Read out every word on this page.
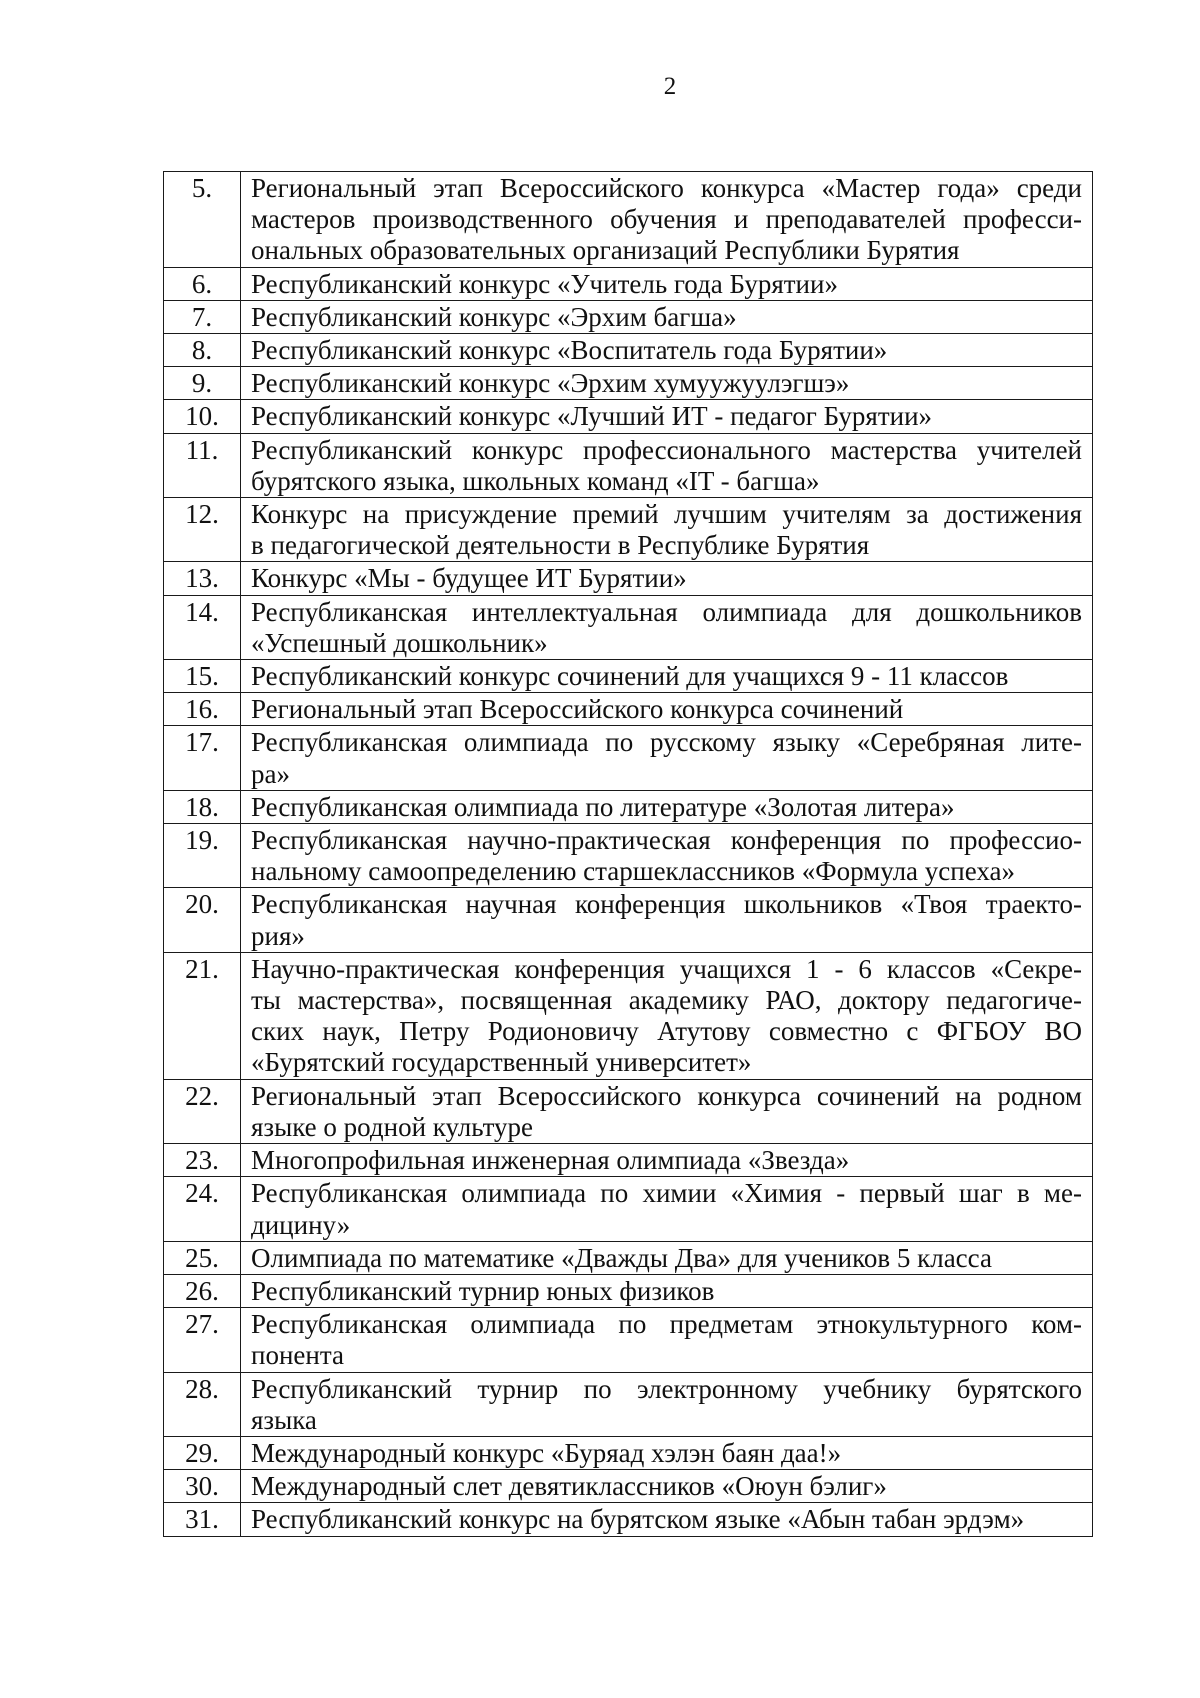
2
5.	Региональный этап Всероссийского конкурса «Мастер года» среди
мастеров производственного обучения и преподавателей професси-
ональных образовательных организаций Республики Бурятия

6.	Республиканский конкурс «Учитель года Бурятии»

7.	Республиканский конкурс «Эрхим багша»

8.	Республиканский конкурс «Воспитатель года Бурятии»

9.	Республиканский конкурс «Эрхим хумуужуулэгшэ»

10.	Республиканский конкурс «Лучший ИТ - педагог Бурятии»

11.	Республиканский конкурс профессионального мастерства учителей
бурятского языка, школьных команд «IT - багша»

12.	Конкурс на присуждение премий лучшим учителям за достижения
в педагогической деятельности в Республике Бурятия

13.	Конкурс «Мы - будущее ИТ Бурятии»

14.	Республиканская интеллектуальная олимпиада для дошкольников
«Успешный дошкольник»

15.	Республиканский конкурс сочинений для учащихся 9 - 11 классов

16.	Региональный этап Всероссийского конкурса сочинений

17.	Республиканская олимпиада по русскому языку «Серебряная лите-
ра»

18.	Республиканская олимпиада по литературе «Золотая литера»

19.	Республиканская научно-практическая конференция по профессио-
нальному самоопределению старшеклассников «Формула успеха»

20.	Республиканская научная конференция школьников «Твоя траекто-
рия»

21.	Научно-практическая конференция учащихся 1 - 6 классов «Секре-
ты мастерства», посвященная академику РАО, доктору педагогиче-
ских наук, Петру Родионовичу Атутову совместно с ФГБОУ ВО
«Бурятский государственный университет»

22.	Региональный этап Всероссийского конкурса сочинений на родном
языке о родной культуре

23.	Многопрофильная инженерная олимпиада «Звезда»

24.	Республиканская олимпиада по химии «Химия - первый шаг в ме-
дицину»

25.	Олимпиада по математике «Дважды Два» для учеников 5 класса

26.	Республиканский турнир юных физиков

27.	Республиканская олимпиада по предметам этнокультурного ком-
понента

28.	Республиканский турнир по электронному учебнику бурятского
языка

29.	Международный конкурс «Буряад хэлэн баян даа!»

30.	Международный слет девятиклассников «Оюун бэлиг»

31.	Республиканский конкурс на бурятском языке «Абын табан эрдэм»
